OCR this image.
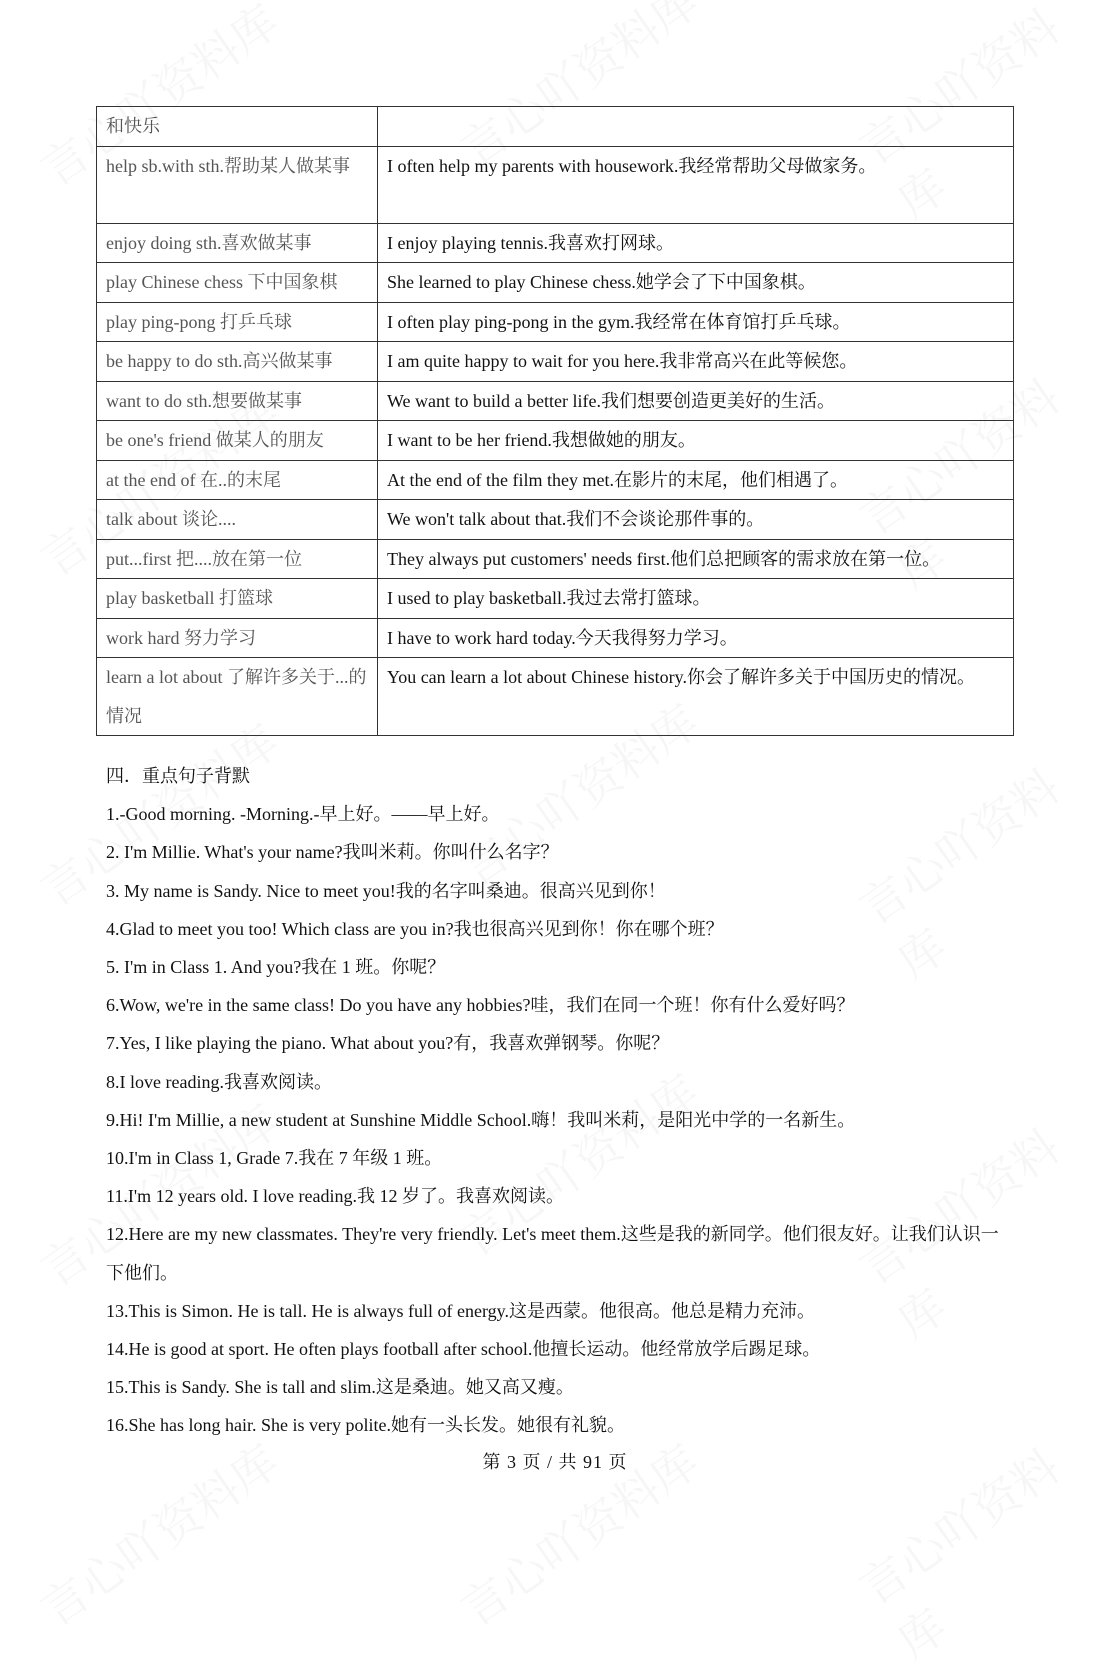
和快乐	
help sb.with sth.帮助某人做某事	I often help my parents with housework.我经常帮助父母做家务。
enjoy doing sth.喜欢做某事	I enjoy playing tennis.我喜欢打网球。
play Chinese chess 下中国象棋	She learned to play Chinese chess.她学会了下中国象棋。
play ping-pong 打乒乓球	I often play ping-pong in the gym.我经常在体育馆打乒乓球。
be happy to do sth.高兴做某事	I am quite happy to wait for you here.我非常高兴在此等候您。
want to do sth.想要做某事	We want to build a better life.我们想要创造更美好的生活。
be one's friend 做某人的朋友	I want to be her friend.我想做她的朋友。
at the end of 在..的末尾	At the end of the film they met.在影片的末尾，他们相遇了。
talk about 谈论....	We won't talk about that.我们不会谈论那件事的。
put...first 把....放在第一位	They always put customers' needs first.他们总把顾客的需求放在第一位。
play basketball 打篮球	I used to play basketball.我过去常打篮球。
work hard 努力学习	I have to work hard today.今天我得努力学习。
learn a lot about 了解许多关于...的情况	You can learn a lot about Chinese history.你会了解许多关于中国历史的情况。

四．重点句子背默

1.-Good morning. -Morning.-早上好。——早上好。

2. I'm Millie. What's your name?我叫米莉。你叫什么名字？

3. My name is Sandy. Nice to meet you!我的名字叫桑迪。很高兴见到你！

4.Glad to meet you too! Which class are you in?我也很高兴见到你！你在哪个班？

5. I'm in Class 1. And you?我在 1 班。你呢？

6.Wow, we're in the same class! Do you have any hobbies?哇，我们在同一个班！你有什么爱好吗？

7.Yes, I like playing the piano. What about you?有，我喜欢弹钢琴。你呢？

8.I love reading.我喜欢阅读。

9.Hi! I'm Millie, a new student at Sunshine Middle School.嗨！我叫米莉，是阳光中学的一名新生。

10.I'm in Class 1, Grade 7.我在 7 年级 1 班。

11.I'm 12 years old. I love reading.我 12 岁了。我喜欢阅读。

12.Here are my new classmates. They're very friendly. Let's meet them.这些是我的新同学。他们很友好。让我们认识一下他们。

13.This is Simon. He is tall. He is always full of energy.这是西蒙。他很高。他总是精力充沛。

14.He is good at sport. He often plays football after school.他擅长运动。他经常放学后踢足球。

15.This is Sandy. She is tall and slim.这是桑迪。她又高又瘦。

16.She has long hair. She is very polite.她有一头长发。她很有礼貌。

第 3 页 / 共 91 页
